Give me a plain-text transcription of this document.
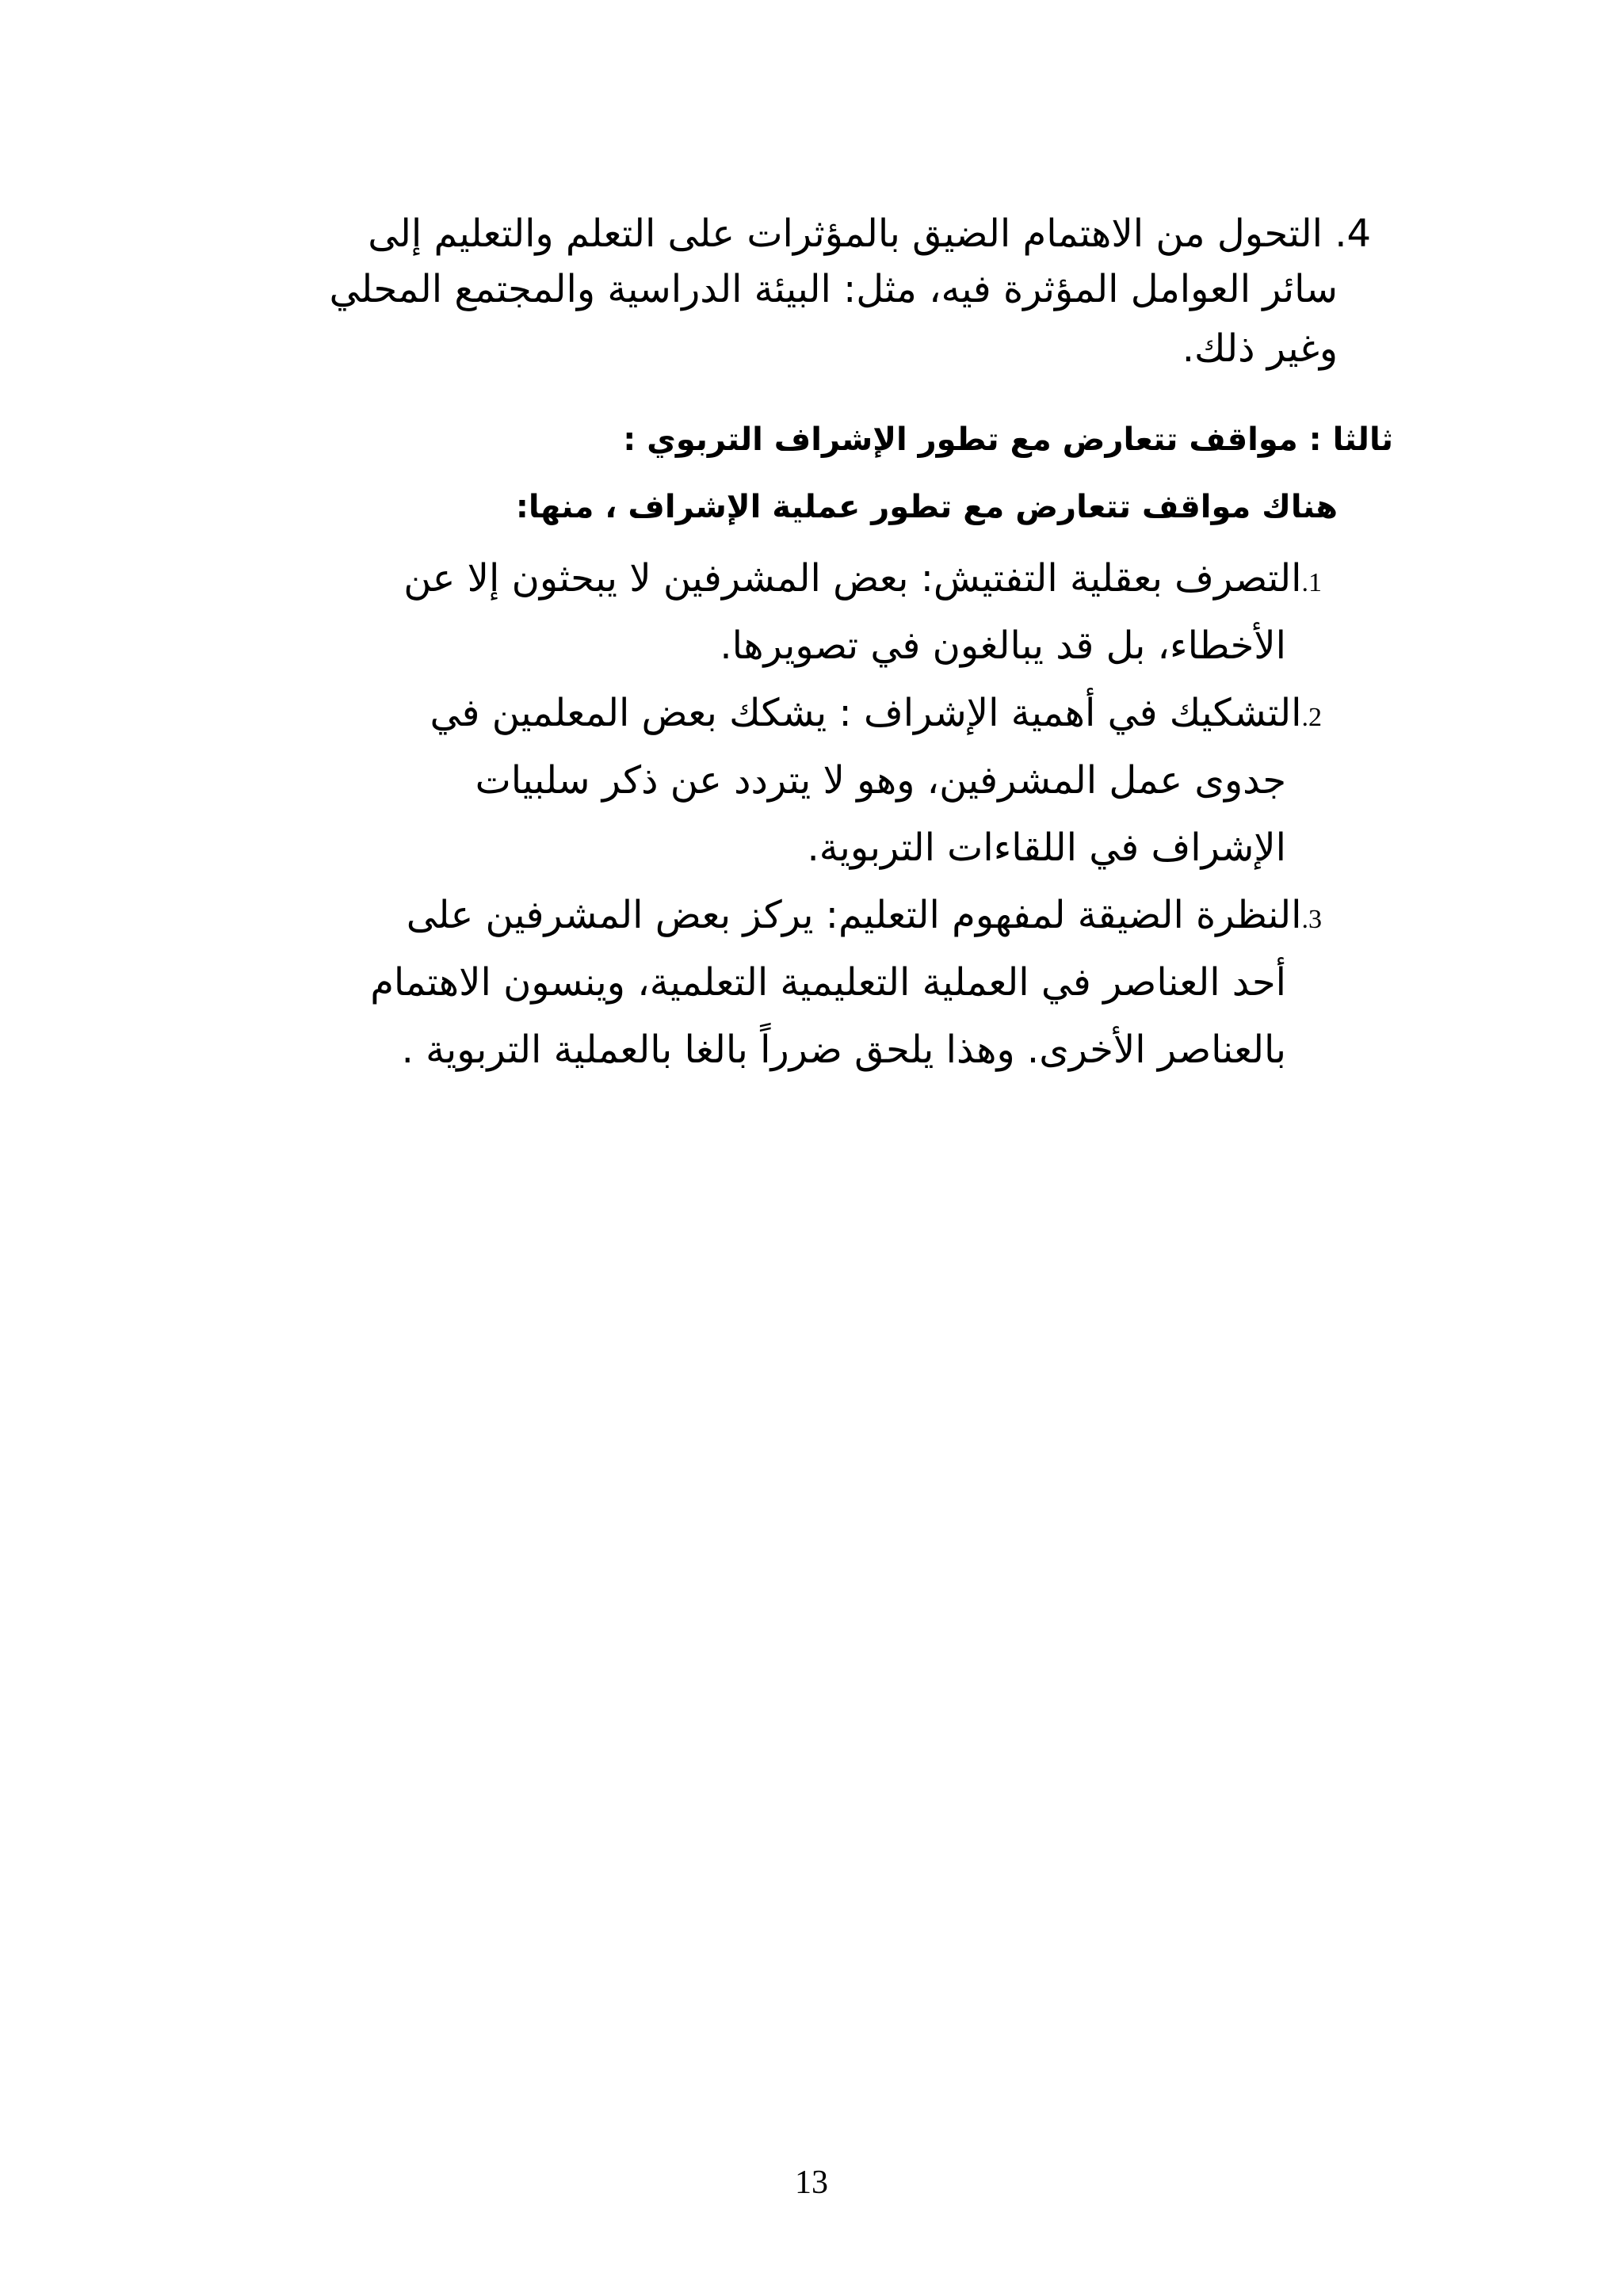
4. التحول من الاهتمام الضيق بالمؤثرات على التعلم والتعليم إلى
سائر العوامل المؤثرة فيه، مثل: البيئة الدراسية والمجتمع المحلي
وغير ذلك.
ثالثا : مواقف تتعارض مع تطور الإشراف التربوي :
هناك مواقف تتعارض مع تطور عملية الإشراف ، منها:
1.التصرف بعقلية التفتيش: بعض المشرفين لا يبحثون إلا عن
الأخطاء، بل قد يبالغون في تصويرها.
2.التشكيك في أهمية الإشراف : يشكك بعض المعلمين في
جدوى عمل المشرفين، وهو لا يتردد عن ذكر سلبيات
الإشراف في اللقاءات التربوية.
3.النظرة الضيقة لمفهوم التعليم: يركز بعض المشرفين على
أحد العناصر في العملية التعليمية التعلمية، وينسون الاهتمام
بالعناصر الأخرى. وهذا يلحق ضرراً بالغا بالعملية التربوية .
13
